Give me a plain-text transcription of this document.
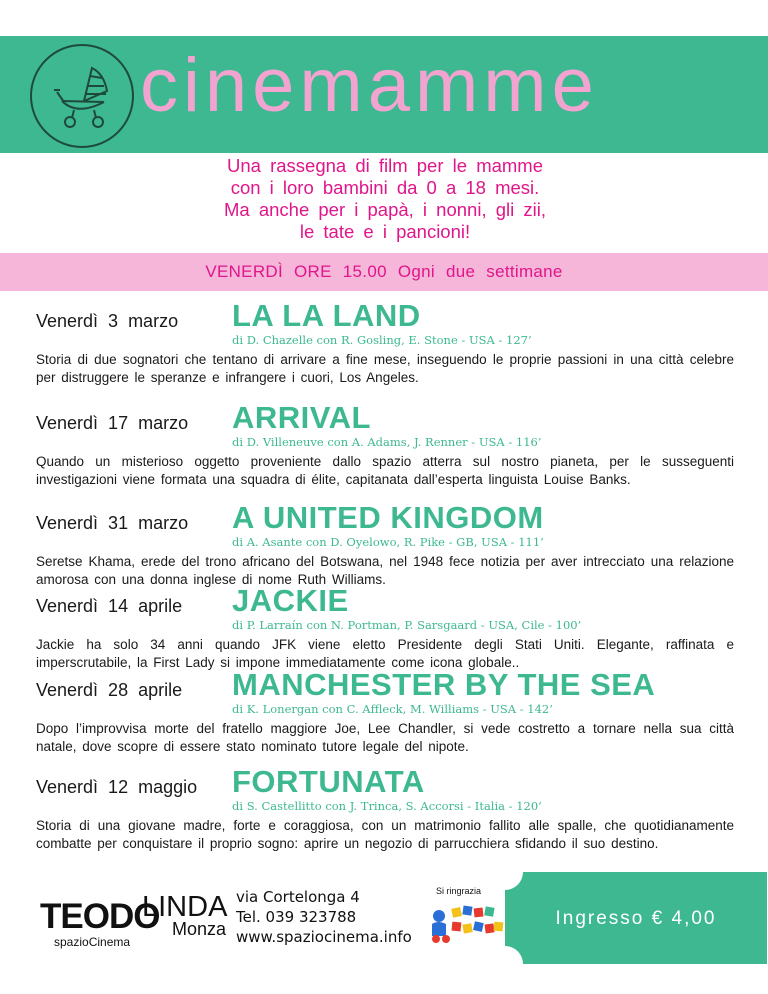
cinemamme
Una rassegna di film per le mamme
con i loro bambini da 0 a 18 mesi.
Ma anche per i papà, i nonni, gli zii,
le tate e i pancioni!
VENERDÌ ORE 15.00 Ogni due settimane
Venerdì 3 marzo LA LA LAND
di D. Chazelle con R. Gosling, E. Stone - USA - 127’
Storia di due sognatori che tentano di arrivare a fine mese, inseguendo le proprie passioni in una città celebre per distruggere le speranze e infrangere i cuori, Los Angeles.
Venerdì 17 marzo ARRIVAL
di D. Villeneuve con A. Adams, J. Renner - USA - 116’
Quando un misterioso oggetto proveniente dallo spazio atterra sul nostro pianeta, per le susseguenti investigazioni viene formata una squadra di élite, capitanata dall’esperta linguista Louise Banks.
Venerdì 31 marzo A UNITED KINGDOM
di A. Asante con D. Oyelowo, R. Pike - GB, USA - 111’
Seretse Khama, erede del trono africano del Botswana, nel 1948 fece notizia per aver intrecciato una relazione amorosa con una donna inglese di nome Ruth Williams.
Venerdì 14 aprile JACKIE
di P. Larraín con N. Portman, P. Sarsgaard - USA, Cile - 100’
Jackie ha solo 34 anni quando JFK viene eletto Presidente degli Stati Uniti. Elegante, raffinata e imperscrutabile, la First Lady si impone immediatamente come icona globale..
Venerdì 28 aprile MANCHESTER BY THE SEA
di K. Lonergan con C. Affleck, M. Williams - USA - 142’
Dopo l’improvvisa morte del fratello maggiore Joe, Lee Chandler, si vede costretto a tornare nella sua città natale, dove scopre di essere stato nominato tutore legale del nipote.
Venerdì 12 maggio FORTUNATA
di S. Castellitto con J. Trinca, S. Accorsi - Italia - 120’
Storia di una giovane madre, forte e coraggiosa, con un matrimonio fallito alle spalle, che quotidianamente combatte per conquistare il proprio sogno: aprire un negozio di parrucchiera sfidando il suo destino.
TEODO
LINDA
spazioCinema
Monza
via Cortelonga 4
Tel. 039 323788
www.spaziocinema.info
Si ringrazia
Ingresso € 4,00
